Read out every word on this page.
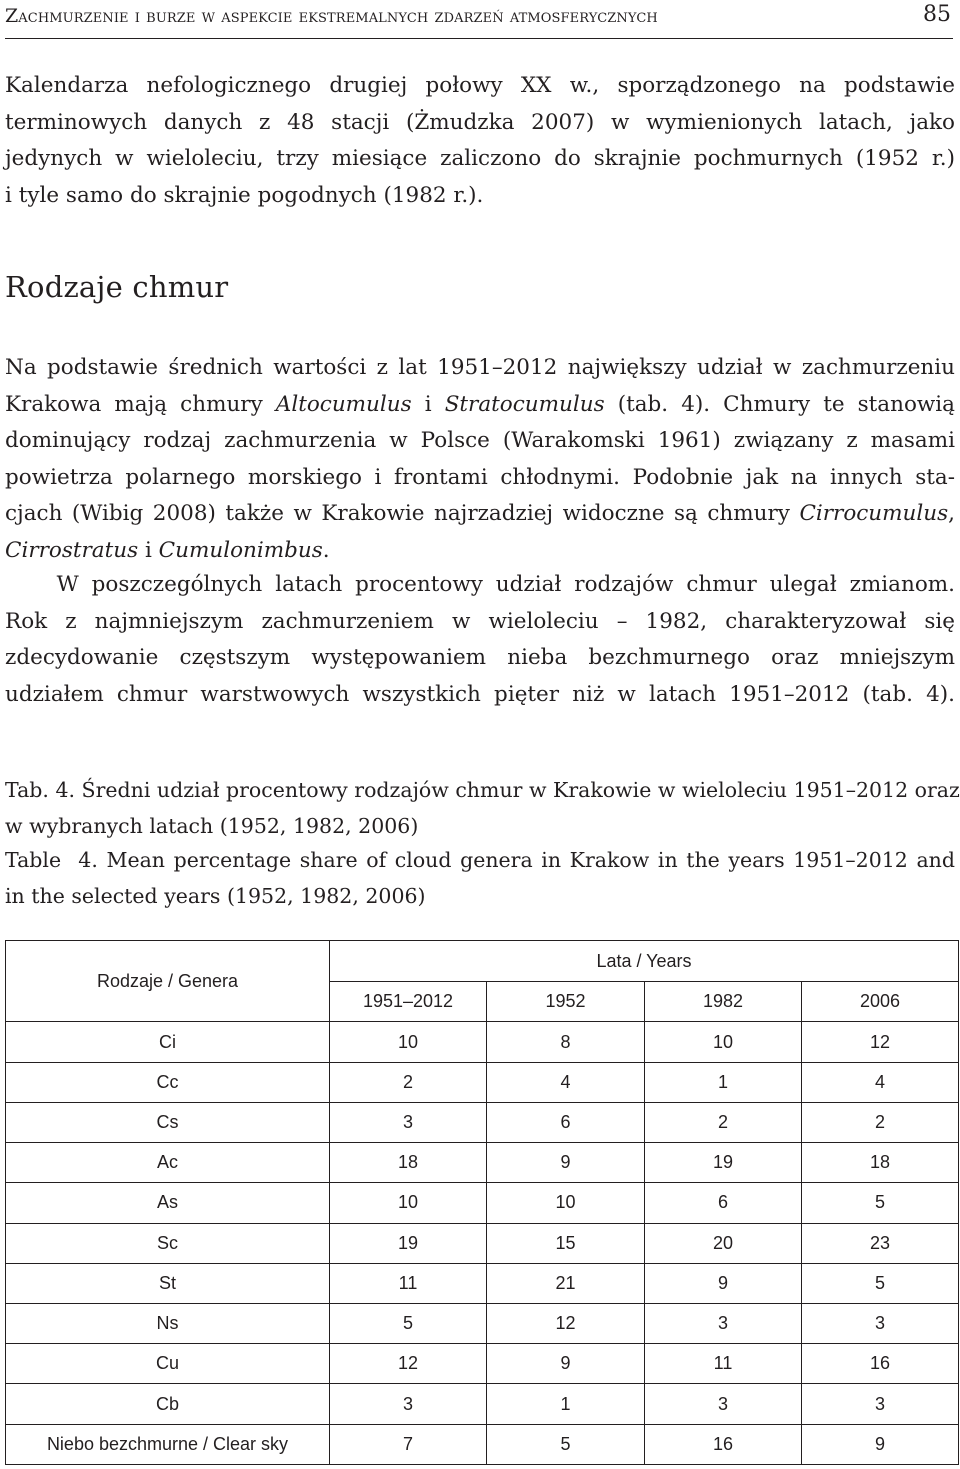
Zachmurzenie i burze w aspekcie ekstremalnych zdarzeń atmosferycznych	85
Kalendarza nefologicznego drugiej połowy XX w., sporządzonego na podstawie
terminowych danych z 48 stacji (Żmudzka 2007) w wymienionych latach, jako
jedynych w wieloleciu, trzy miesiące zaliczono do skrajnie pochmurnych (1952 r.)
i tyle samo do skrajnie pogodnych (1982 r.).
Rodzaje chmur
Na podstawie średnich wartości z lat 1951–2012 największy udział w zachmurzeniu
Krakowa mają chmury Altocumulus i Stratocumulus (tab. 4). Chmury te stanowią
dominujący rodzaj zachmurzenia w Polsce (Warakomski 1961) związany z masami
powietrza polarnego morskiego i frontami chłodnymi. Podobnie jak na innych sta-
cjach (Wibig 2008) także w Krakowie najrzadziej widoczne są chmury Cirrocumulus,
Cirrostratus i Cumulonimbus.
W poszczególnych latach procentowy udział rodzajów chmur ulegał zmianom.
Rok z najmniejszym zachmurzeniem w wieloleciu – 1982, charakteryzował się
zdecydowanie częstszym występowaniem nieba bezchmurnego oraz mniejszym
udziałem chmur warstwowych wszystkich pięter niż w latach 1951–2012 (tab. 4).
Tab. 4. Średni udział procentowy rodzajów chmur w Krakowie w wieloleciu 1951–2012 oraz
w wybranych latach (1952, 1982, 2006)
Table  4. Mean percentage share of cloud genera in Krakow in the years 1951–2012 and
in the selected years (1952, 1982, 2006)
Rodzaje / Genera	Lata / Years			
	1951–2012	1952	1982	2006
Ci	10	8	10	12
Cc	2	4	1	4
Cs	3	6	2	2
Ac	18	9	19	18
As	10	10	6	5
Sc	19	15	20	23
St	11	21	9	5
Ns	5	12	3	3
Cu	12	9	11	16
Cb	3	1	3	3
Niebo bezchmurne / Clear sky	7	5	16	9
